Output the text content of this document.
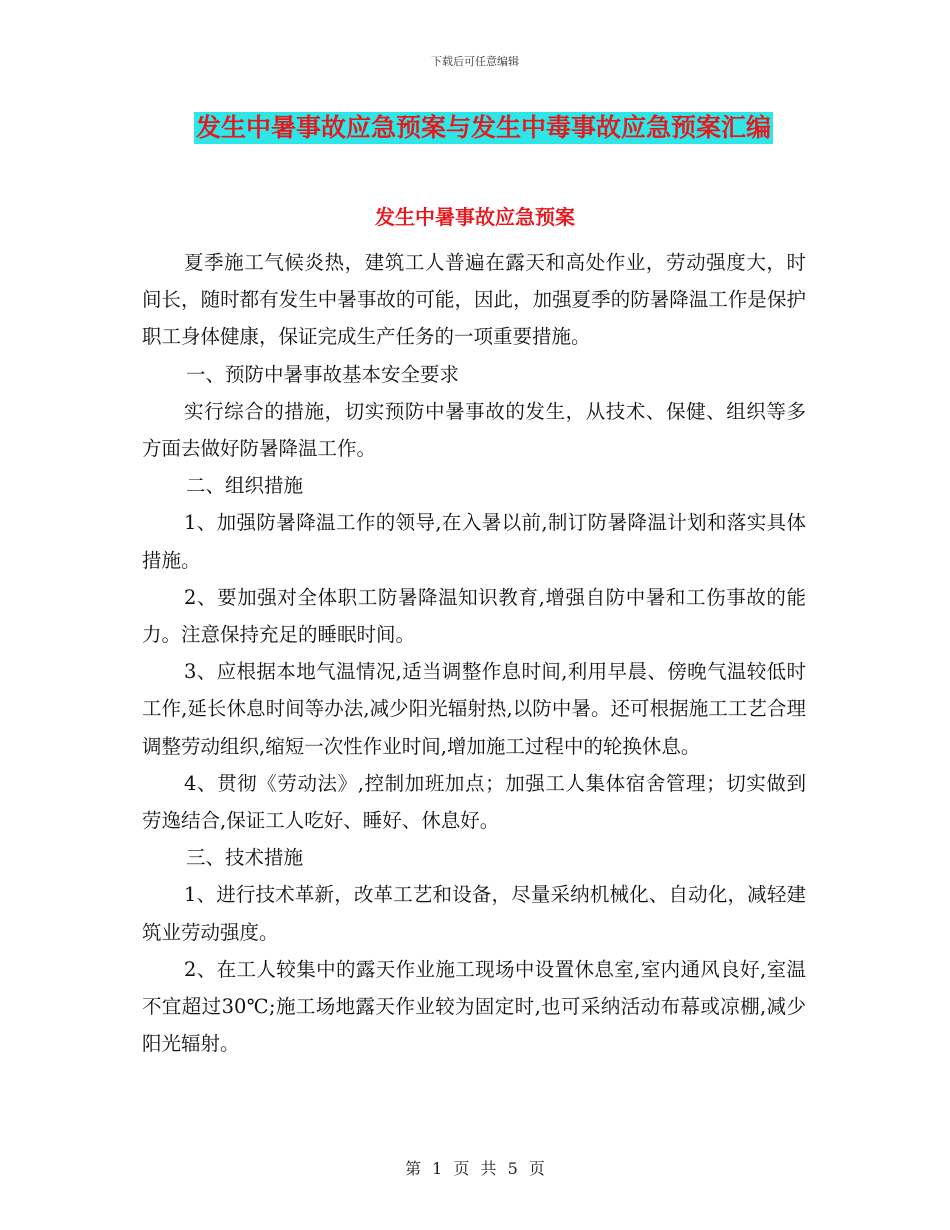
下载后可任意编辑
发生中暑事故应急预案与发生中毒事故应急预案汇编
发生中暑事故应急预案

夏季施工气候炎热，建筑工人普遍在露天和高处作业，劳动强度大，时间长，随时都有发生中暑事故的可能，因此，加强夏季的防暑降温工作是保护职工身体健康，保证完成生产任务的一项重要措施。

一、预防中暑事故基本安全要求

实行综合的措施，切实预防中暑事故的发生，从技术、保健、组织等多方面去做好防暑降温工作。

二、组织措施

1、加强防暑降温工作的领导,在入暑以前,制订防暑降温计划和落实具体措施。

2、要加强对全体职工防暑降温知识教育,增强自防中暑和工伤事故的能力。注意保持充足的睡眠时间。

3、应根据本地气温情况,适当调整作息时间,利用早晨、傍晚气温较低时工作,延长休息时间等办法,减少阳光辐射热,以防中暑。还可根据施工工艺合理调整劳动组织,缩短一次性作业时间,增加施工过程中的轮换休息。

4、贯彻《劳动法》,控制加班加点；加强工人集体宿舍管理；切实做到劳逸结合,保证工人吃好、睡好、休息好。

三、技术措施

1、进行技术革新，改革工艺和设备，尽量采纳机械化、自动化，减轻建筑业劳动强度。

2、在工人较集中的露天作业施工现场中设置休息室,室内通风良好,室温不宜超过30℃;施工场地露天作业较为固定时,也可采纳活动布幕或凉棚,减少阳光辐射。

第 1 页 共 5 页
